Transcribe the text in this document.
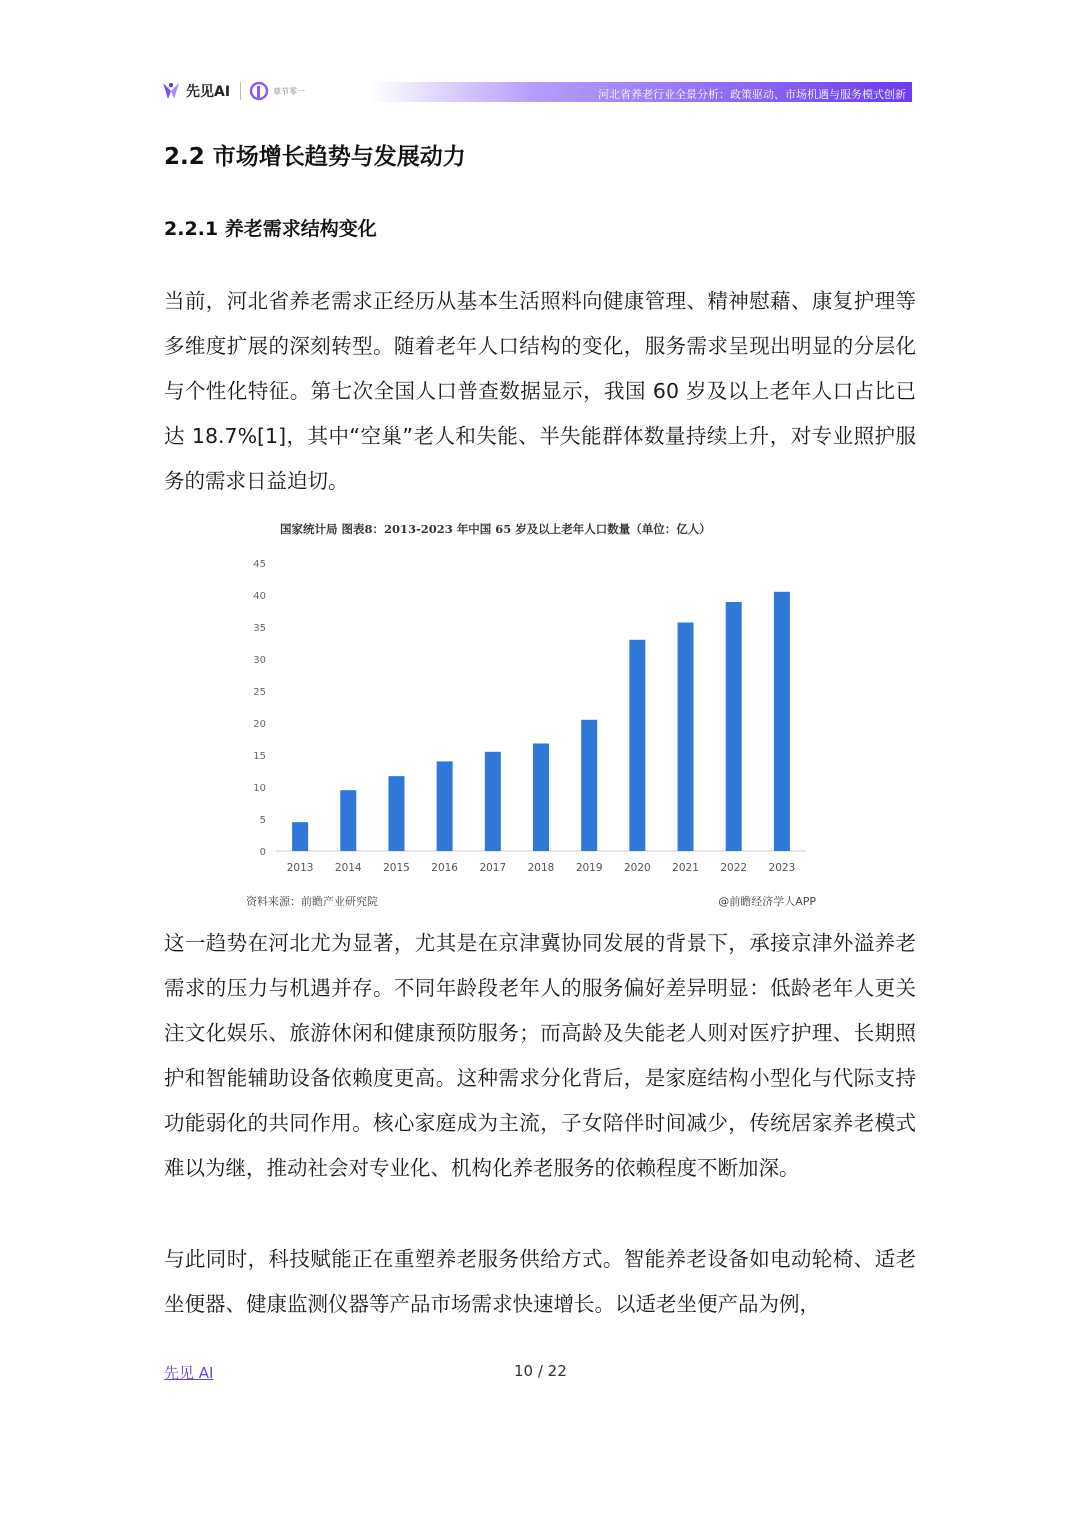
先见AI	章节零一	河北省养老行业全景分析：政策驱动、市场机遇与服务模式创新
2.2 市场增长趋势与发展动力
2.2.1 养老需求结构变化

当前，河北省养老需求正经历从基本生活照料向健康管理、精神慰藉、康复护理等多维度扩展的深刻转型。随着老年人口结构的变化，服务需求呈现出明显的分层化与个性化特征。第七次全国人口普查数据显示，我国 60 岁及以上老年人口占比已达 18.7%[1]，其中“空巢”老人和失能、半失能群体数量持续上升，对专业照护服务的需求日益迫切。

国家统计局 图表8：2013-2023 年中国 65 岁及以上老年人口数量（单位：亿人）
0
5
10
15
20
25
30
35
40
45
2013 2014 2015 2016 2017 2018 2019 2020 2021 2022 2023
资料来源：前瞻产业研究院	@前瞻经济学人APP

这一趋势在河北尤为显著，尤其是在京津冀协同发展的背景下，承接京津外溢养老需求的压力与机遇并存。不同年龄段老年人的服务偏好差异明显：低龄老年人更关注文化娱乐、旅游休闲和健康预防服务；而高龄及失能老人则对医疗护理、长期照护和智能辅助设备依赖度更高。这种需求分化背后，是家庭结构小型化与代际支持功能弱化的共同作用。核心家庭成为主流，子女陪伴时间减少，传统居家养老模式难以为继，推动社会对专业化、机构化养老服务的依赖程度不断加深。

与此同时，科技赋能正在重塑养老服务供给方式。智能养老设备如电动轮椅、适老坐便器、健康监测仪器等产品市场需求快速增长。以适老坐便产品为例，

先见 AI	10 / 22
